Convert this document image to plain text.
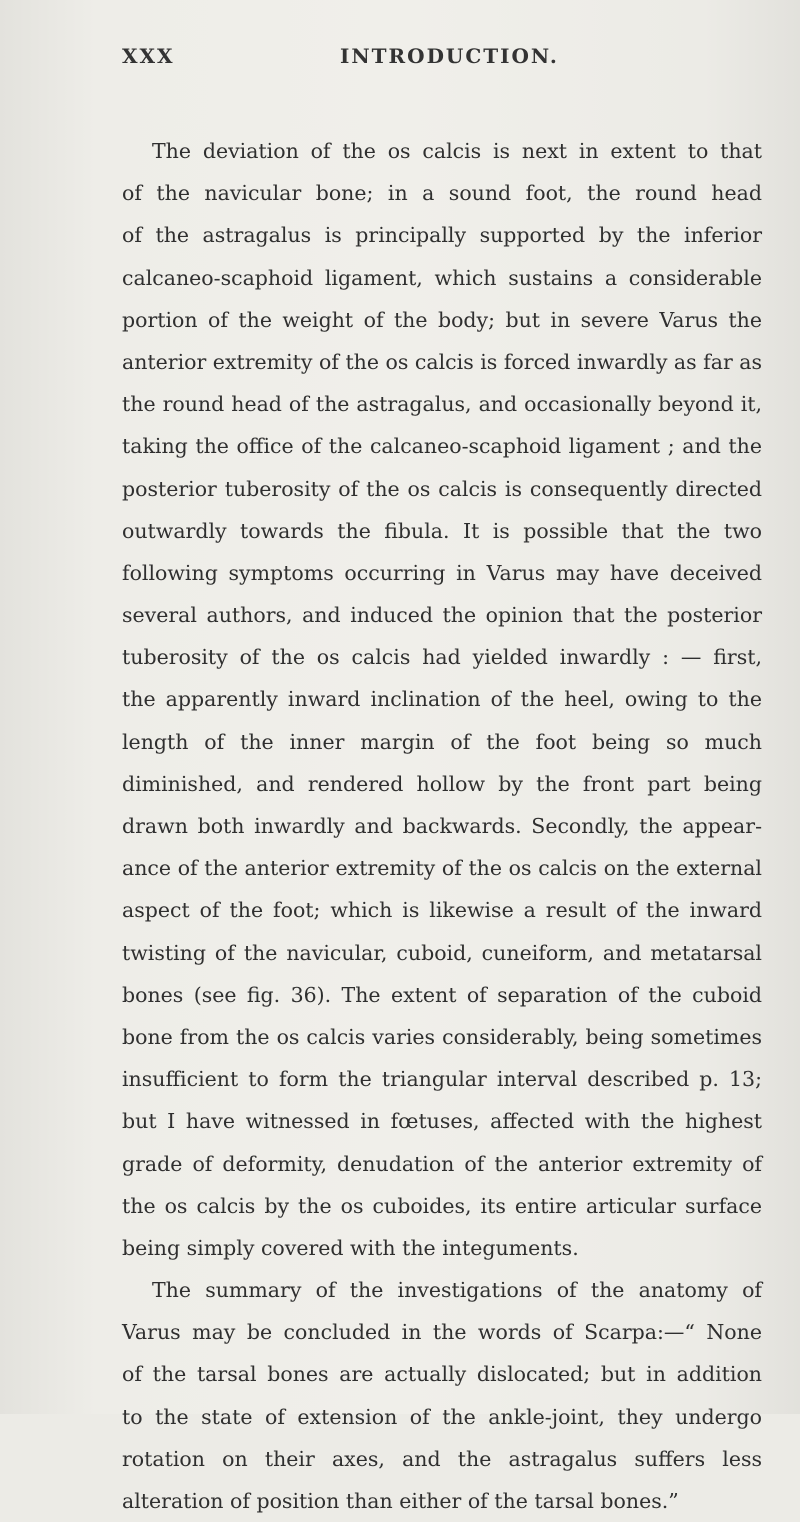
XXX	INTRODUCTION.
The deviation of the os calcis is next in extent to that
of the navicular bone; in a sound foot, the round head
of the astragalus is principally supported by the inferior
calcaneo-scaphoid ligament, which sustains a considerable
portion of the weight of the body; but in severe Varus the
anterior extremity of the os calcis is forced inwardly as far as
the round head of the astragalus, and occasionally beyond it,
taking the office of the calcaneo-scaphoid ligament ; and the
posterior tuberosity of the os calcis is consequently directed
outwardly towards the fibula. It is possible that the two
following symptoms occurring in Varus may have deceived
several authors, and induced the opinion that the posterior
tuberosity of the os calcis had yielded inwardly : — first,
the apparently inward inclination of the heel, owing to the
length of the inner margin of the foot being so much
diminished, and rendered hollow by the front part being
drawn both inwardly and backwards. Secondly, the appear-
ance of the anterior extremity of the os calcis on the external
aspect of the foot; which is likewise a result of the inward
twisting of the navicular, cuboid, cuneiform, and metatarsal
bones (see fig. 36). The extent of separation of the cuboid
bone from the os calcis varies considerably, being sometimes
insufficient to form the triangular interval described p. 13;
but I have witnessed in fœtuses, affected with the highest
grade of deformity, denudation of the anterior extremity of
the os calcis by the os cuboides, its entire articular surface
being simply covered with the integuments.
The summary of the investigations of the anatomy of
Varus may be concluded in the words of Scarpa:—“ None
of the tarsal bones are actually dislocated; but in addition
to the state of extension of the ankle-joint, they undergo
rotation on their axes, and the astragalus suffers less
alteration of position than either of the tarsal bones.”
